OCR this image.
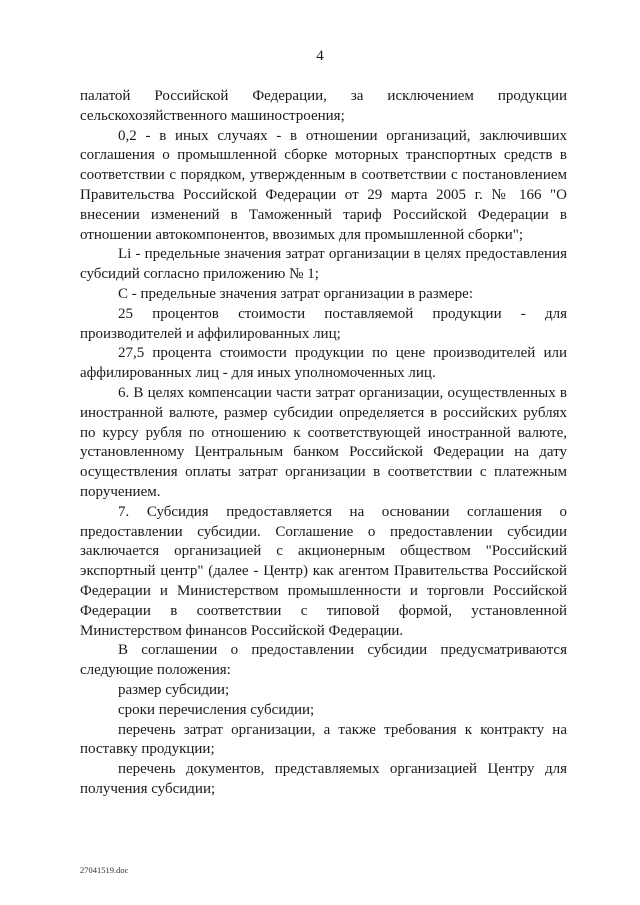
4

палатой Российской Федерации, за исключением продукции сельскохозяйственного машиностроения;

0,2 - в иных случаях - в отношении организаций, заключивших соглашения о промышленной сборке моторных транспортных средств в соответствии с порядком, утвержденным в соответствии с постановлением Правительства Российской Федерации от 29 марта 2005 г. № 166 "О внесении изменений в Таможенный тариф Российской Федерации в отношении автокомпонентов, ввозимых для промышленной сборки";

Li - предельные значения затрат организации в целях предоставления субсидий согласно приложению № 1;

С - предельные значения затрат организации в размере:

25 процентов стоимости поставляемой продукции - для производителей и аффилированных лиц;

27,5 процента стоимости продукции по цене производителей или аффилированных лиц - для иных уполномоченных лиц.

6. В целях компенсации части затрат организации, осуществленных в иностранной валюте, размер субсидии определяется в российских рублях по курсу рубля по отношению к соответствующей иностранной валюте, установленному Центральным банком Российской Федерации на дату осуществления оплаты затрат организации в соответствии с платежным поручением.

7. Субсидия предоставляется на основании соглашения о предоставлении субсидии. Соглашение о предоставлении субсидии заключается организацией с акционерным обществом "Российский экспортный центр" (далее - Центр) как агентом Правительства Российской Федерации и Министерством промышленности и торговли Российской Федерации в соответствии с типовой формой, установленной Министерством финансов Российской Федерации.

В соглашении о предоставлении субсидии предусматриваются следующие положения:

размер субсидии;

сроки перечисления субсидии;

перечень затрат организации, а также требования к контракту на поставку продукции;

перечень документов, представляемых организацией Центру для получения субсидии;

27041519.doc
